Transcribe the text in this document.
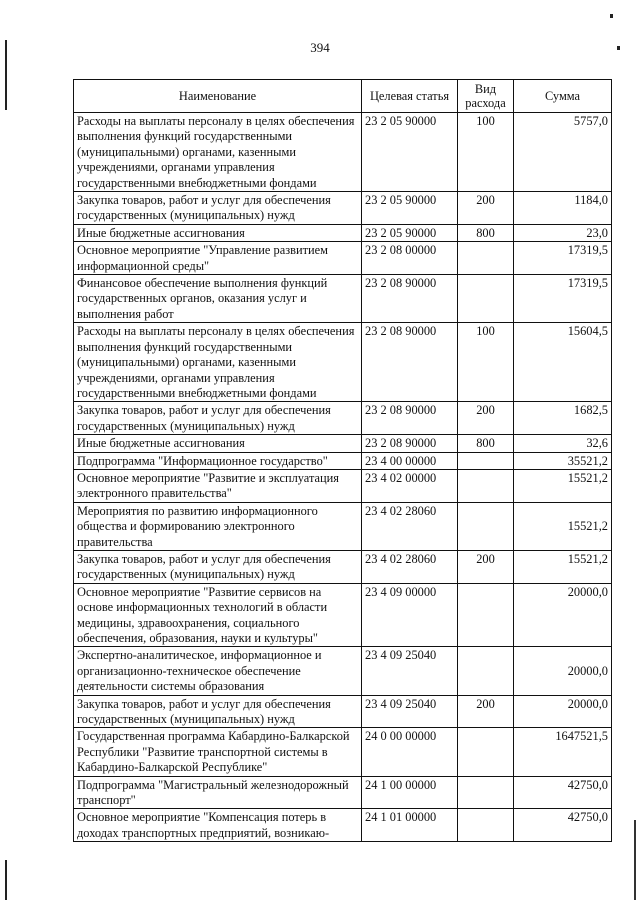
394
Наименование	Целевая статья	Вид расхода	Сумма
Расходы на выплаты персоналу в целях обеспечения выполнения функций государственными (муниципальными) органами, казенными учреждениями, органами управления государственными внебюджетными фондами	23 2 05 90000	100	5757,0
Закупка товаров, работ и услуг для обеспечения государственных (муниципальных) нужд	23 2 05 90000	200	1184,0
Иные бюджетные ассигнования	23 2 05 90000	800	23,0
Основное мероприятие "Управление развитием информационной среды"	23 2 08 00000		17319,5
Финансовое обеспечение выполнения функций государственных органов, оказания услуг и выполнения работ	23 2 08 90000		17319,5
Расходы на выплаты персоналу в целях обеспечения выполнения функций государственными (муниципальными) органами, казенными учреждениями, органами управления государственными внебюджетными фондами	23 2 08 90000	100	15604,5
Закупка товаров, работ и услуг для обеспечения государственных (муниципальных) нужд	23 2 08 90000	200	1682,5
Иные бюджетные ассигнования	23 2 08 90000	800	32,6
Подпрограмма "Информационное государство"	23 4 00 00000		35521,2
Основное мероприятие "Развитие и эксплуатация электронного правительства"	23 4 02 00000		15521,2
Мероприятия по развитию информационного общества и формированию электронного правительства	23 4 02 28060		15521,2
Закупка товаров, работ и услуг для обеспечения государственных (муниципальных) нужд	23 4 02 28060	200	15521,2
Основное мероприятие "Развитие сервисов на основе информационных технологий в области медицины, здравоохранения, социального обеспечения, образования, науки и культуры"	23 4 09 00000		20000,0
Экспертно-аналитическое, информационное и организационно-техническое обеспечение деятельности системы образования	23 4 09 25040		20000,0
Закупка товаров, работ и услуг для обеспечения государственных (муниципальных) нужд	23 4 09 25040	200	20000,0
Государственная программа Кабардино-Балкарской Республики "Развитие транспортной системы в Кабардино-Балкарской Республике"	24 0 00 00000		1647521,5
Подпрограмма "Магистральный железнодорожный транспорт"	24 1 00 00000		42750,0
Основное мероприятие "Компенсация потерь в доходах транспортных предприятий, возникаю-	24 1 01 00000		42750,0
